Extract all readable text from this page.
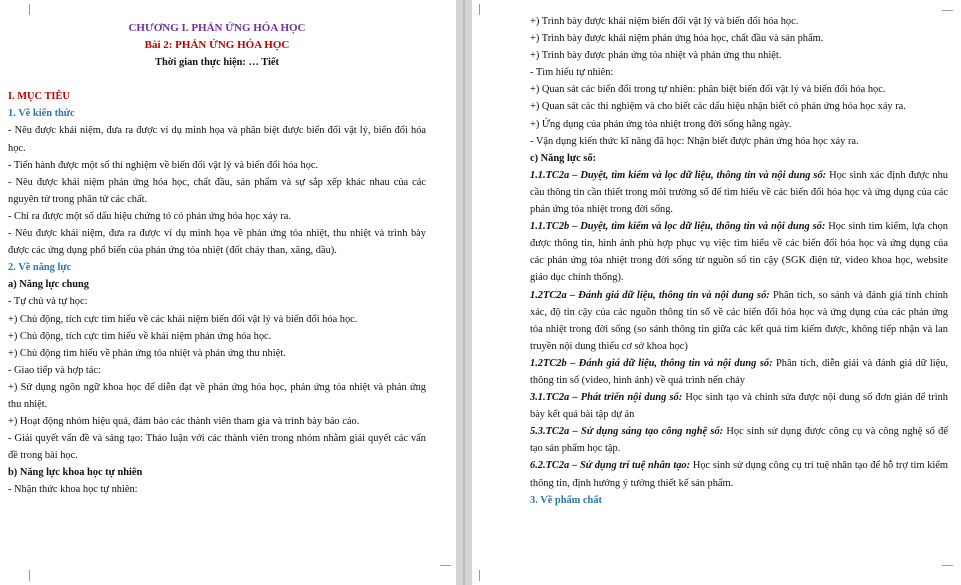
CHƯƠNG I. PHẢN ỨNG HÓA HỌC

Bài 2: PHẢN ỨNG HÓA HỌC

Thời gian thực hiện: … Tiết

I. MỤC TIÊU

1. Về kiến thức

- Nêu được khái niệm, đưa ra được ví dụ minh họa và phân biệt được biến đổi vật lý, biến đổi hóa học.

- Tiến hành được một số thí nghiệm về biến đổi vật lý và biến đổi hóa học.

- Nêu được khái niệm phản ứng hóa học, chất đầu, sản phẩm và sự sắp xếp khác nhau của các nguyên tử trong phân tử các chất.

- Chỉ ra được một số dấu hiệu chứng tỏ có phản ứng hóa học xảy ra.

- Nêu được khái niệm, đưa ra được ví dụ minh họa về phản ứng tỏa nhiệt, thu nhiệt và trình bày được các ứng dụng phổ biến của phản ứng tỏa nhiệt (đốt cháy than, xăng, dầu).

2. Về năng lực

a) Năng lực chung

- Tự chủ và tự học:

+) Chủ động, tích cực tìm hiểu về các khái niệm biến đổi vật lý và biến đổi hóa học.

+) Chủ động, tích cực tìm hiểu về khái niệm phản ứng hóa học.

+) Chủ động tìm hiểu về phản ứng tỏa nhiệt và phản ứng thu nhiệt.

- Giao tiếp và hợp tác:

+) Sử dụng ngôn ngữ khoa học để diễn đạt về phản ứng hóa học, phản ứng tỏa nhiệt và phản ứng thu nhiệt.

+) Hoạt động nhóm hiệu quả, đảm bảo các thành viên tham gia và trình bày báo cáo.

- Giải quyết vấn đề và sáng tạo: Thảo luận với các thành viên trong nhóm nhằm giải quyết các vấn đề trong bài học.

b) Năng lực khoa học tự nhiên

- Nhận thức khoa học tự nhiên:

+) Trình bày được khái niệm biến đổi vật lý và biến đổi hóa học.

+) Trình bày được khái niệm phản ứng hóa học, chất đầu và sản phẩm.

+) Trình bày được phản ứng tỏa nhiệt và phản ứng thu nhiệt.

- Tìm hiểu tự nhiên:

+) Quan sát các biến đổi trong tự nhiên: phân biệt biến đổi vật lý và biến đổi hóa học.

+) Quan sát các thí nghiệm và cho biết các dấu hiệu nhận biết có phản ứng hóa học xảy ra.

+) Ứng dụng của phản ứng tỏa nhiệt trong đời sống hằng ngày.

- Vận dụng kiến thức kĩ năng đã học: Nhận biết được phản ứng hóa học xảy ra.

c) Năng lực số:

1.1.TC2a – Duyệt, tìm kiếm và lọc dữ liệu, thông tin và nội dung số: Học sinh xác định được nhu cầu thông tin cần thiết trong môi trường số để tìm hiểu về các biến đổi hóa học và ứng dụng của các phản ứng tỏa nhiệt trong đời sống.

1.1.TC2b – Duyệt, tìm kiếm và lọc dữ liệu, thông tin và nội dung số: Học sinh tìm kiếm, lựa chọn được thông tin, hình ảnh phù hợp phục vụ việc tìm hiểu về các biến đổi hóa học và ứng dụng của các phản ứng tỏa nhiệt trong đời sống từ nguồn số tin cậy (SGK điện tử, video khoa học, website giáo dục chính thống).

1.2TC2a – Đánh giá dữ liệu, thông tin và nội dung số: Phân tích, so sánh và đánh giá tính chính xác, độ tin cậy của các nguồn thông tin số về các biến đổi hóa học và ứng dụng của các phản ứng tỏa nhiệt trong đời sống (so sánh thông tin giữa các kết quả tìm kiếm được, không tiếp nhận và lan truyền nội dung thiếu cơ sở khoa học)

1.2TC2b – Đánh giá dữ liệu, thông tin và nội dung số: Phân tích, diễn giải và đánh giá dữ liệu, thông tin số (video, hình ảnh) về quá trình nến chảy

3.1.TC2a – Phát triển nội dung số: Học sinh tạo và chỉnh sửa được nội dung số đơn giản để trình bày kết quả bài tập dự án

5.3.TC2a – Sử dụng sáng tạo công nghệ số: Học sinh sử dụng được công cụ và công nghệ số để tạo sản phẩm học tập.

6.2.TC2a – Sử dụng trí tuệ nhân tạo: Học sinh sử dụng công cụ trí tuệ nhân tạo để hỗ trợ tìm kiếm thông tin, định hướng ý tưởng thiết kế sản phẩm.

3. Về phẩm chất
